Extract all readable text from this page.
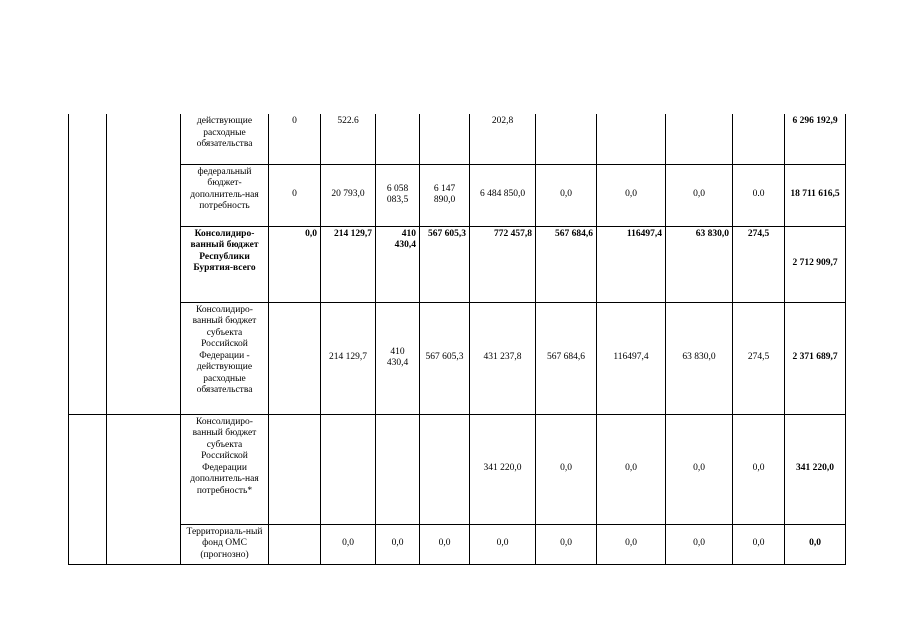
		действующие расходные обязательства	0	522.6			202,8					6 296 192,9
		федеральный бюджет-дополнитель-ная потребность	0	20 793,0	6 058 083,5	6 147 890,0	6 484 850,0	0,0	0,0	0,0	0.0	18 711 616,5
		Консолидиро-ванный бюджет Республики Бурятия-всего	0,0	214 129,7	410 430,4	567 605,3	772 457,8	567 684,6	116497,4	63 830,0	274,5	2 712 909,7
		Консолидиро-ванный бюджет субъекта Российской Федерации - действующие расходные обязательства		214 129,7	410 430,4	567 605,3	431 237,8	567 684,6	116497,4	63 830,0	274,5	2 371 689,7
		Консолидиро-ванный бюджет субъекта Российской Федерации дополнитель-ная потребность*					341 220,0	0,0	0,0	0,0	0,0	341 220,0
		Территориаль-ный фонд ОМС (прогнозно)		0,0	0,0	0,0	0,0	0,0	0,0	0,0	0,0	0,0
